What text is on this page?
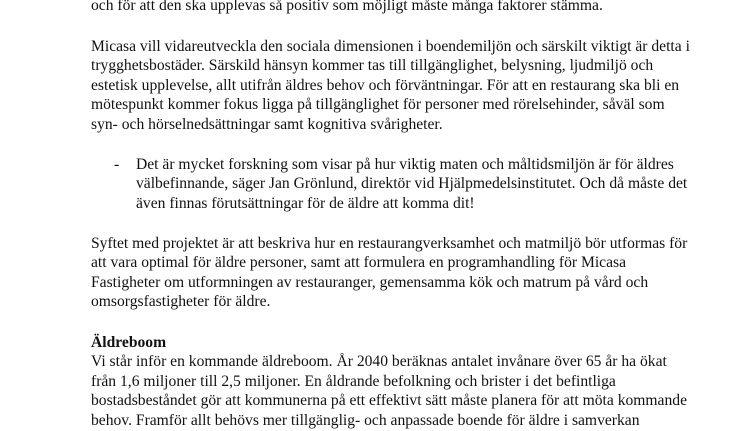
och för att den ska upplevas så positiv som möjligt måste många faktorer stämma.
Micasa vill vidareutveckla den sociala dimensionen i boendemiljön och särskilt viktigt är detta i
trygghetsbostäder. Särskild hänsyn kommer tas till tillgänglighet, belysning, ljudmiljö och
estetisk upplevelse, allt utifrån äldres behov och förväntningar. För att en restaurang ska bli en
mötespunkt kommer fokus ligga på tillgänglighet för personer med rörelsehinder, såväl som
syn- och hörselnedsättningar samt kognitiva svårigheter.
- Det är mycket forskning som visar på hur viktig maten och måltidsmiljön är för äldres
välbefinnande, säger Jan Grönlund, direktör vid Hjälpmedelsinstitutet. Och då måste det
även finnas förutsättningar för de äldre att komma dit!
Syftet med projektet är att beskriva hur en restaurangverksamhet och matmiljö bör utformas för
att vara optimal för äldre personer, samt att formulera en programhandling för Micasa
Fastigheter om utformningen av restauranger, gemensamma kök och matrum på vård och
omsorgsfastigheter för äldre.
Äldreboom
Vi står inför en kommande äldreboom. År 2040 beräknas antalet invånare över 65 år ha ökat
från 1,6 miljoner till 2,5 miljoner. En åldrande befolkning och brister i det befintliga
bostadsbeståndet gör att kommunerna på ett effektivt sätt måste planera för att möta kommande
behov. Framför allt behövs mer tillgänglig- och anpassade boende för äldre i samverkan
